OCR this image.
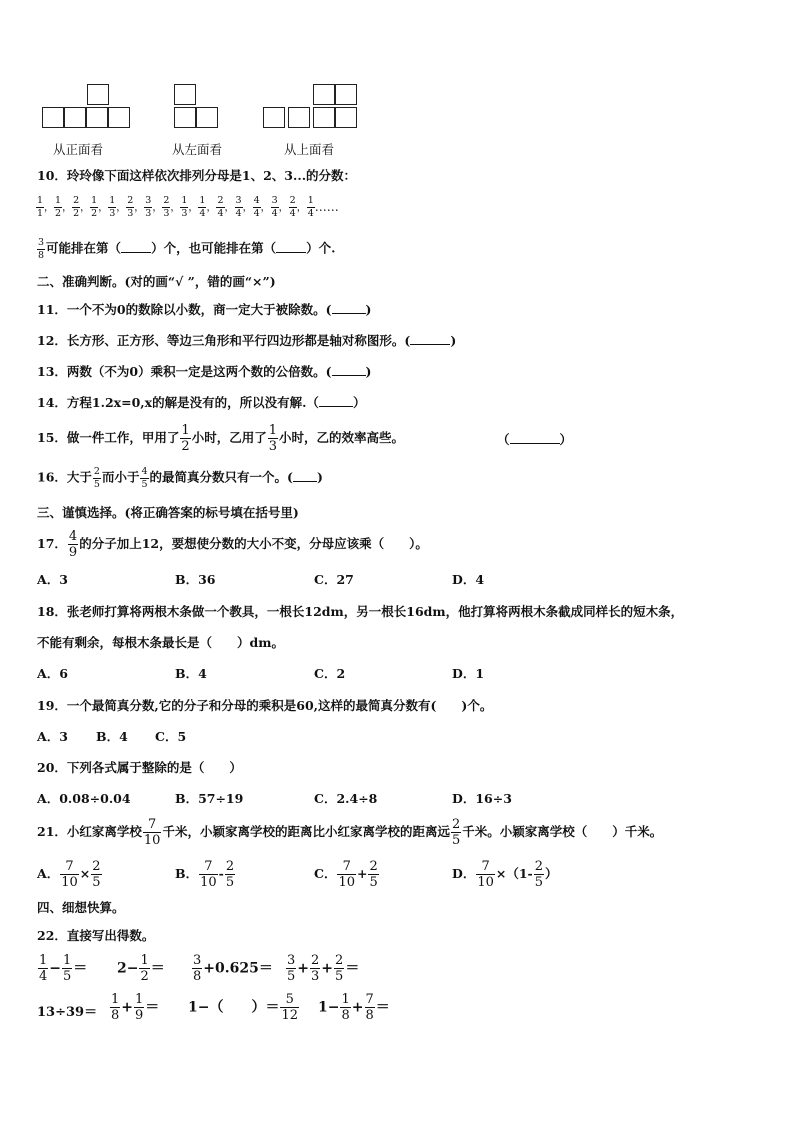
从正面看	从左面看	从上面看
10．玲玲像下面这样依次排列分母是1、2、3...的分数：
$\frac{1}{1}$ ， $\frac{1}{2}$ ， $\frac{2}{2}$ ， $\frac{1}{2}$ ， $\frac{1}{3}$ ， $\frac{2}{3}$ ， $\frac{3}{3}$ ， $\frac{2}{3}$ ， $\frac{1}{3}$ ， $\frac{1}{4}$ ， $\frac{2}{4}$ ， $\frac{3}{4}$ ， $\frac{4}{4}$ ， $\frac{3}{4}$ ， $\frac{2}{4}$ ， $\frac{1}{4}$ ……
$\frac{3}{8}$ 可能排在第（ ）个，也可能排在第（ ）个.
二、准确判断。(对的画“√ ”，错的画“×”)
11．一个不为0的数除以小数，商一定大于被除数。(	)
12．长方形、正方形、等边三角形和平行四边形都是轴对称图形。(	)
13．两数（不为0）乘积一定是这两个数的公倍数。(	)
14．方程1.2x=0,x的解是没有的，所以没有解.（	）
15．做一件工作，甲用了 $\frac{1}{2}$ 小时，乙用了 $\frac{1}{3}$ 小时，乙的效率高些。	（	）
16．大于 $\frac{2}{5}$ 而小于 $\frac{4}{5}$ 的最简真分数只有一个。( )
三、谨慎选择。(将正确答案的标号填在括号里)
17． $\frac{4}{9}$ 的分子加上12，要想使分数的大小不变，分母应该乘（　　）。
A．3	B．36	C．27	D．4
18．张老师打算将两根木条做一个教具，一根长12dm，另一根长16dm，他打算将两根木条截成同样长的短木条，
不能有剩余，每根木条最长是（　　）dm。
A．6	B．4	C．2	D．1
19．一个最简真分数,它的分子和分母的乘积是60,这样的最简真分数有(　　)个。
A．3 B．4 C．5
20．下列各式属于整除的是（　　）
A．0.08÷0.04	B．57÷19	C．2.4÷8	D．16÷3
21．小红家离学校 $\frac{7}{10}$ 千米，小颖家离学校的距离比小红家离学校的距离远 $\frac{2}{5}$ 千米。小颖家离学校（　　）千米。
A． $\frac{7}{10} \times \frac{2}{5}$	B． $\frac{7}{10} - \frac{2}{5}$	C． $\frac{7}{10} + \frac{2}{5}$	D． $\frac{7}{10} \times(1- \frac{2}{5}$ ）
四、细想快算。
22．直接写出得数。
$\frac{1}{4} - \frac{1}{5} = 2- \frac{1}{2} = \frac{3}{8} +0.625= \frac{3}{5} + \frac{2}{3} + \frac{2}{5}$ ＝
$13\div 39= \frac{1}{8} + \frac{1}{9} = 1-$（　　）＝ $\frac{5}{12} 1- \frac{1}{8} + \frac{7}{8}$ ＝
